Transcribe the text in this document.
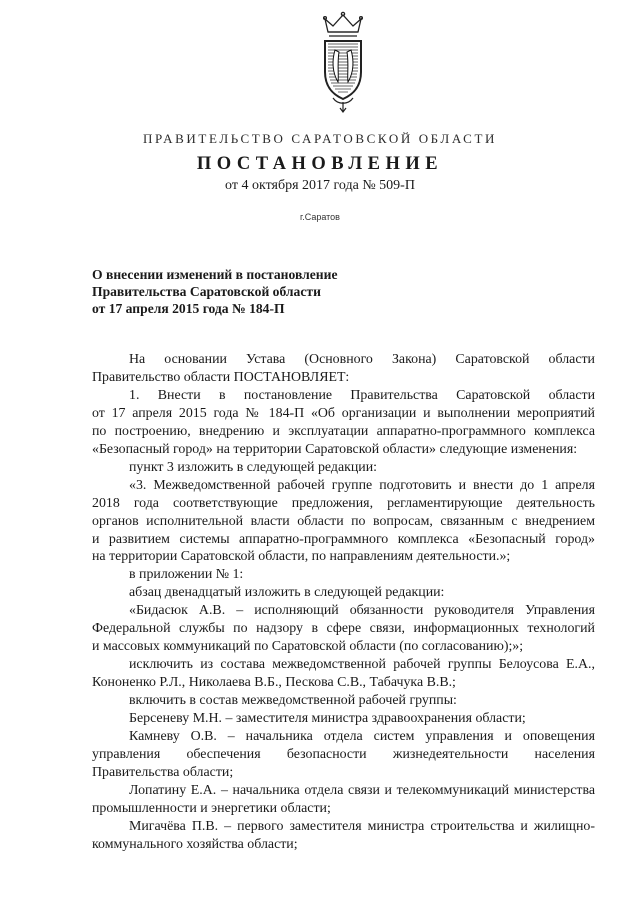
ПРАВИТЕЛЬСТВО САРАТОВСКОЙ ОБЛАСТИ
ПОСТАНОВЛЕНИЕ
от 4 октября 2017 года № 509-П
г.Саратов
О внесении изменений в постановление
Правительства Саратовской области
от 17 апреля 2015 года № 184-П
На основании Устава (Основного Закона) Саратовской области
Правительство области ПОСТАНОВЛЯЕТ:
1. Внести в постановление Правительства Саратовской области
от 17 апреля 2015 года № 184-П «Об организации и выполнении мероприятий
по построению, внедрению и эксплуатации аппаратно-программного комплекса
«Безопасный город» на территории Саратовской области» следующие изменения:
пункт 3 изложить в следующей редакции:
«3. Межведомственной рабочей группе подготовить и внести до 1 апреля
2018 года соответствующие предложения, регламентирующие деятельность
органов исполнительной власти области по вопросам, связанным с внедрением
и развитием системы аппаратно-программного комплекса «Безопасный город»
на территории Саратовской области, по направлениям деятельности.»;
в приложении № 1:
абзац двенадцатый изложить в следующей редакции:
«Бидасюк А.В. – исполняющий обязанности руководителя Управления
Федеральной службы по надзору в сфере связи, информационных технологий
и массовых коммуникаций по Саратовской области (по согласованию);»;
исключить из состава межведомственной рабочей группы Белоусова Е.А.,
Кононенко Р.Л., Николаева В.Б., Пескова С.В., Табачука В.В.;
включить в состав межведомственной рабочей группы:
Берсеневу М.Н. – заместителя министра здравоохранения области;
Камневу О.В. – начальника отдела систем управления и оповещения
управления обеспечения безопасности жизнедеятельности населения
Правительства области;
Лопатину Е.А. – начальника отдела связи и телекоммуникаций министерства
промышленности и энергетики области;
Мигачёва П.В. – первого заместителя министра строительства и жилищно-
коммунального хозяйства области;
